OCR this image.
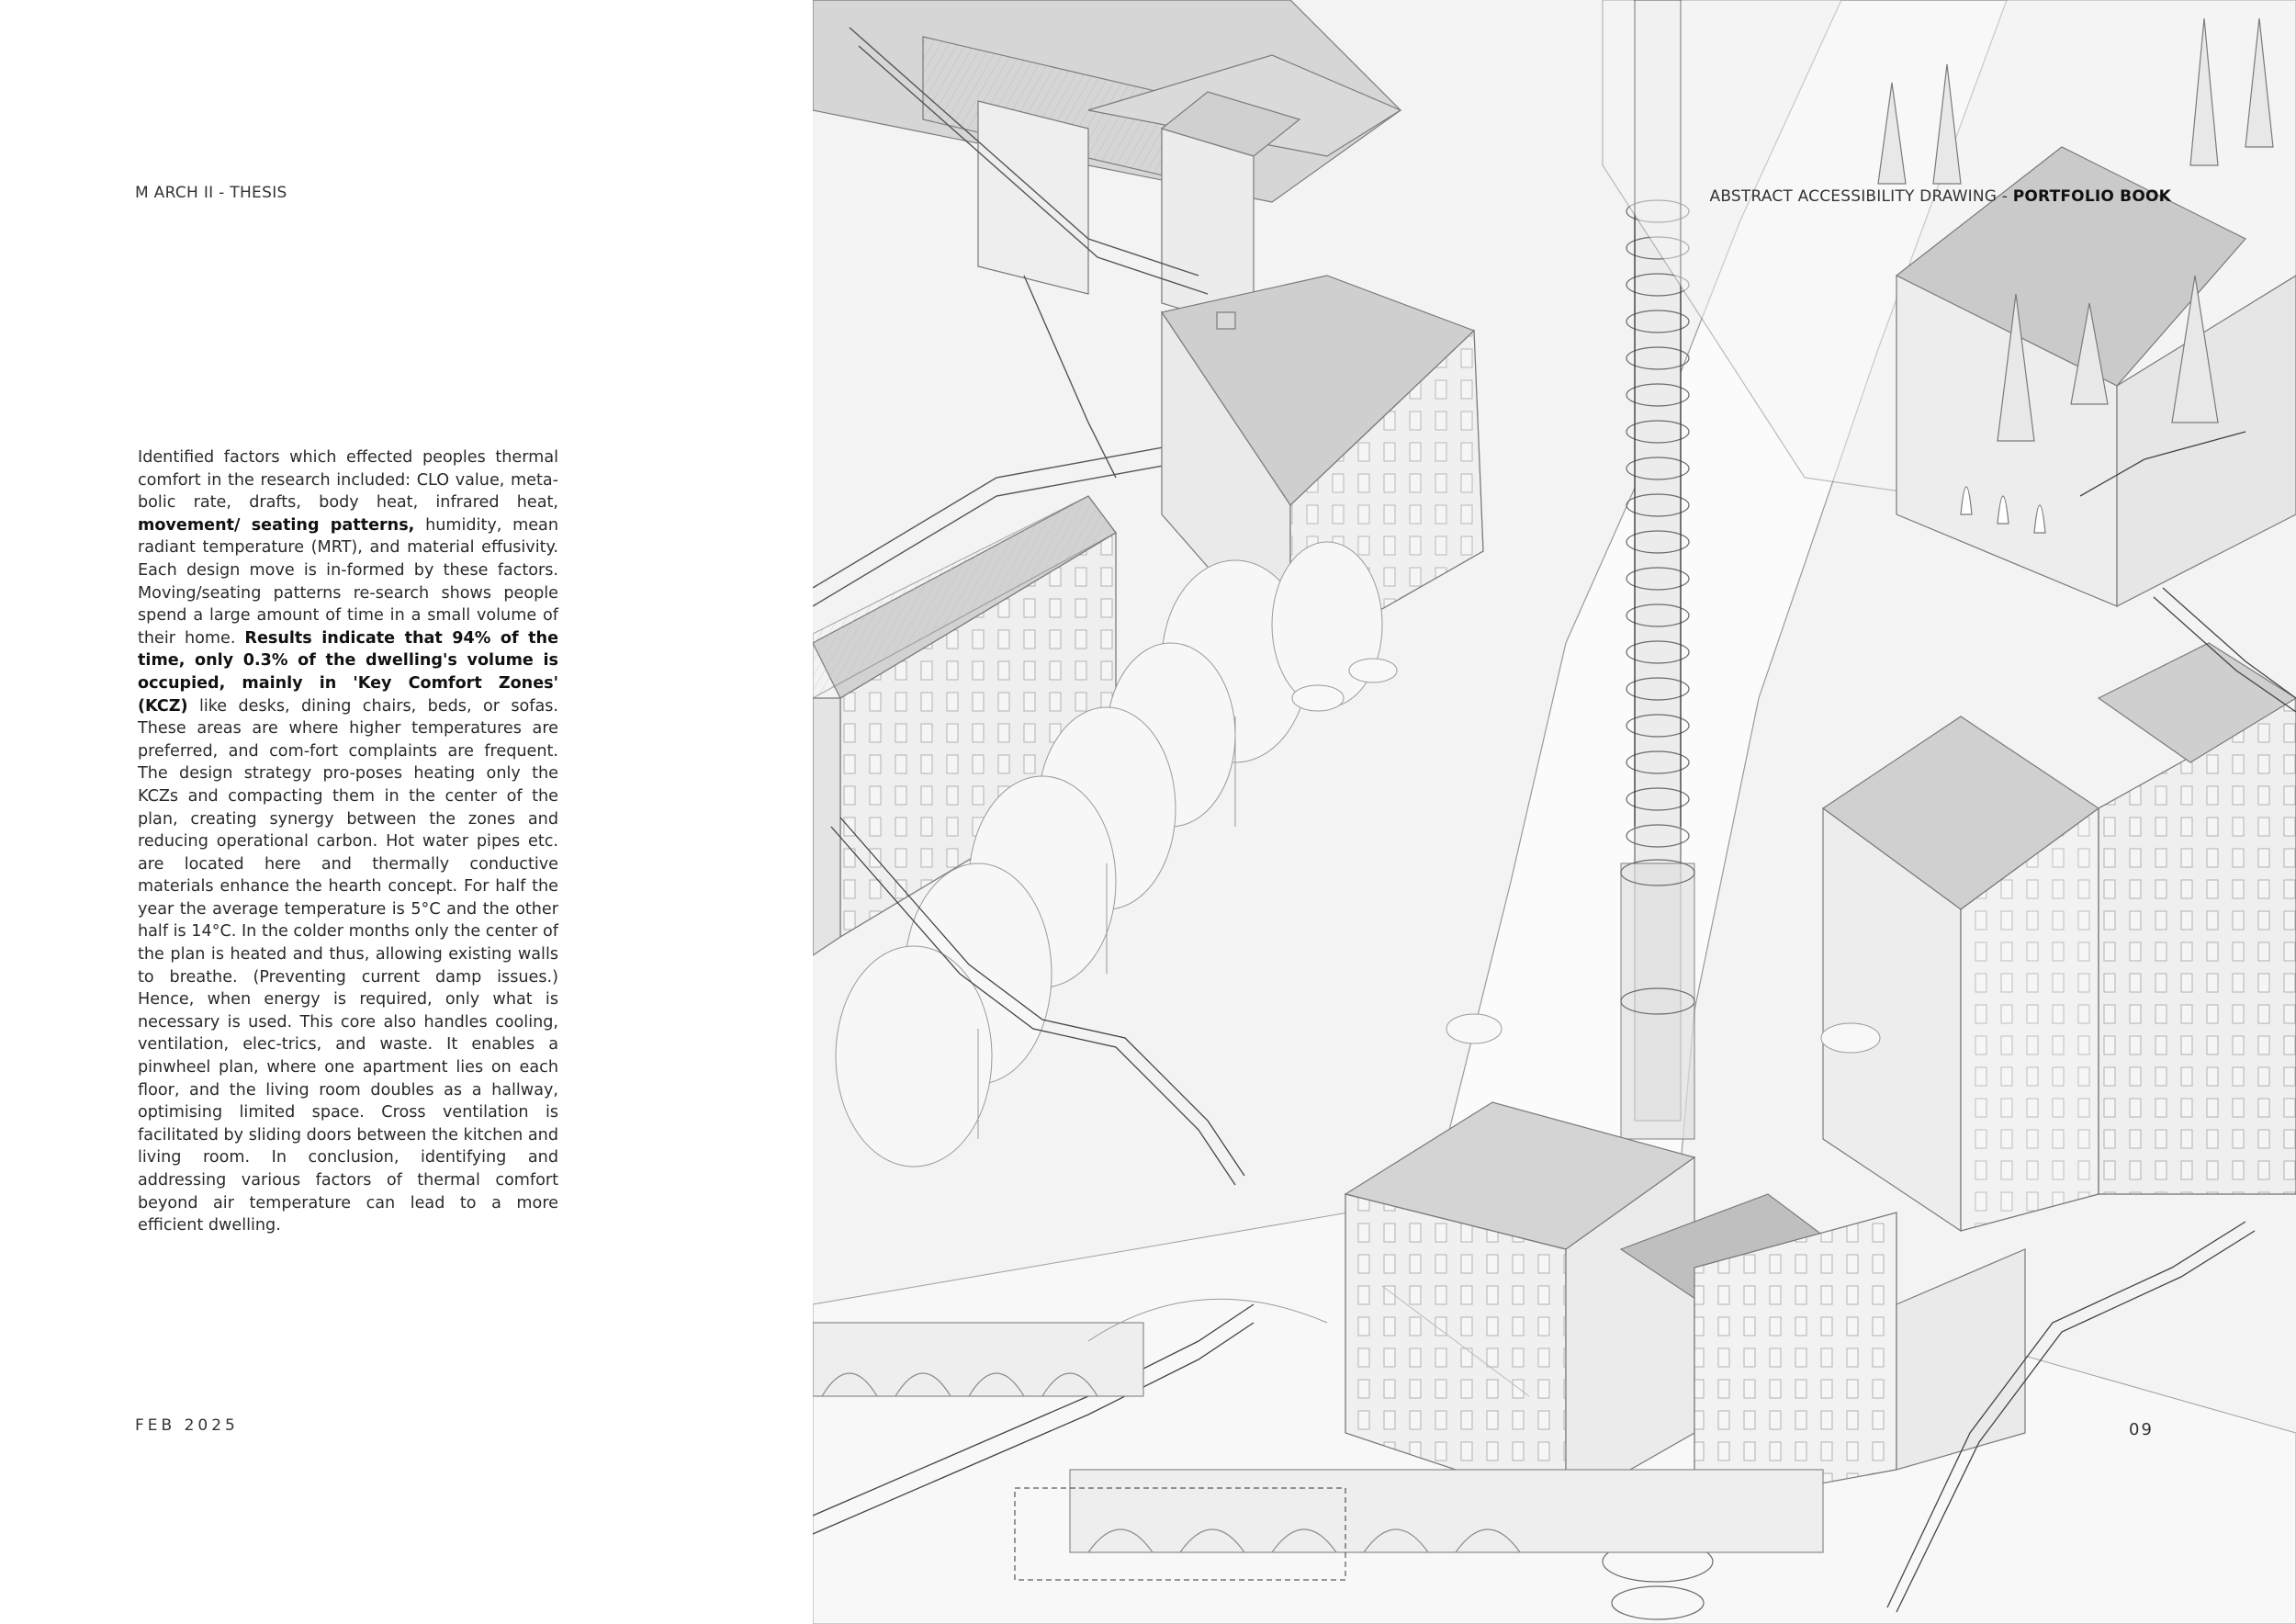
M ARCH II - THESIS
Identified factors which effected peoples thermal comfort in the research included: CLO value, meta-bolic rate, drafts, body heat, infrared heat, movement/ seating patterns, humidity, mean radiant temperature (MRT), and material effusivity. Each design move is in-formed by these factors. Moving/seating patterns re-search shows people spend a large amount of time in a small volume of their home. Results indicate that 94% of the time, only 0.3% of the dwelling's volume is occupied, mainly in 'Key Comfort Zones' (KCZ) like desks, dining chairs, beds, or sofas. These areas are where higher temperatures are preferred, and com-fort complaints are frequent. The design strategy pro-poses heating only the KCZs and compacting them in the center of the plan, creating synergy between the zones and reducing operational carbon. Hot water pipes etc. are located here and thermally conductive materials enhance the hearth concept. For half the year the average temperature is 5°C and the other half is 14°C. In the colder months only the center of the plan is heated and thus, allowing existing walls to breathe. (Preventing current damp issues.) Hence, when energy is required, only what is necessary is used. This core also handles cooling, ventilation, elec-trics, and waste. It enables a pinwheel plan, where one apartment lies on each floor, and the living room doubles as a hallway, optimising limited space. Cross ventilation is facilitated by sliding doors between the kitchen and living room. In conclusion, identifying and addressing various factors of thermal comfort beyond air temperature can lead to a more efficient dwelling.
FEB 2025
ABSTRACT ACCESSIBILITY DRAWING - PORTFOLIO BOOK
09
